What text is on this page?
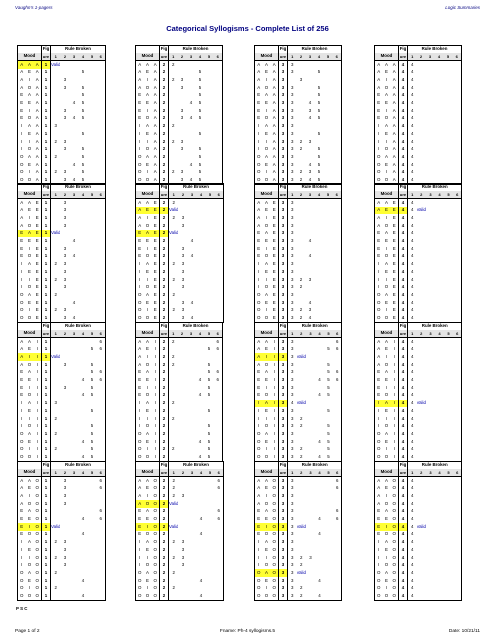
Vaughn's 1-pagers	Logic Summaries
Categorical Syllogisms - Complete List of 256
			Fig	Rule Broken					
Mood			ure	1	2	3	4	5	6
A	A	A	1	Valid					
A	E	A	1				5		
A	I	A	1		3				
A	O	A	1		3		5		
E	A	A	1				5		
E	E	A	1			4	5		
E	I	A	1		3		5		
E	O	A	1		3	4	5		
I	A	A	1	3					
I	E	A	1				5		
I	I	A	1	2	3				
I	O	A	1		3		5		
O	A	A	1	2			5		
O	E	A	1			4	5		
O	I	A	1	2	3		5		
O	O	A	1		3	4	5		
			Fig	Rule Broken					
Mood			ure	1	2	3	4	5	6
A	A	A	2	2					
A	E	A	2				5		
A	I	A	2	2	3		5		
A	O	A	2		3		5		
E	A	A	2				5		
E	E	A	2			4	5		
E	I	A	2		3		5		
E	O	A	2		3	4	5		
I	A	A	2	2					
I	E	A	2				5		
I	I	A	2	2	3				
I	O	A	2		3		5		
O	A	A	2				5		
O	E	A	2			4	5		
O	I	A	2	2	3		5		
O	O	A	2		3	4	5		
			Fig	Rule Broken					
Mood			ure	1	2	3	4	5	6
A	A	A	3	3					
A	E	A	3	3			5		
A	I	A	3		3				
A	O	A	3	3			5		
E	A	A	3	3			5		
E	E	A	3	3		4	5		
E	I	A	3	3		3	5		
E	O	A	3	3		4	5		
I	A	A	3	3					
I	E	A	3	3			5		
I	I	A	3	3	2	3			
I	O	A	3	3	2		5		
O	A	A	3	3			5		
O	E	A	3	3		4	5		
O	I	A	3	3	2	3	5		
O	O	A	3	3	2	4	5		
			Fig	Rule Broken					
Mood			ure	1	2	3	4	5	6
A	A	A	4	4					
A	E	A	4	4					
A	I	A	4	4					
A	O	A	4	4					
E	A	A	4	4					
E	E	A	4	4					
E	I	A	4	4					
E	O	A	4	4					
I	A	A	4	4					
I	E	A	4	4					
I	I	A	4	4					
I	O	A	4	4					
O	A	A	4	4					
O	E	A	4	4					
O	I	A	4	4					
O	O	A	4	4					
			Fig	Rule Broken					
Mood			ure	1	2	3	4	5	6
A	A	E	1		3				
A	E	E	1		3				
A	I	E	1		3				
A	O	E	1		3				
E	A	E	1	Valid					
E	E	E	1			4			
E	I	E	1		3				
E	O	E	1		3	4			
I	A	E	1	2	3				
I	E	E	1		3				
I	I	E	1	2	3				
I	O	E	1		3				
O	A	E	1	2					
O	E	E	1			4			
O	I	E	1	2	3				
O	O	E	1		3	4			
			Fig	Rule Broken					
Mood			ure	1	2	3	4	5	6
A	A	E	2	2					
A	E	E	2	Valid					
A	I	E	2	2	3				
A	O	E	2		3				
E	A	E	2	Valid					
E	E	E	2			4			
E	I	E	2		3				
E	O	E	2		3	4			
I	A	E	2	2	3				
I	E	E	2		3				
I	I	E	2	2	3				
I	O	E	2		3				
O	A	E	2	2					
O	E	E	2		3	4			
O	I	E	2	2	3				
O	O	E	2		3	4			
			Fig	Rule Broken					
Mood			ure	1	2	3	4	5	6
A	A	E	3	3					
A	E	E	3	3					
A	I	E	3	3					
A	O	E	3	3					
E	A	E	3	3					
E	E	E	3	3		4			
E	I	E	3	3					
E	O	E	3	3		4			
I	A	E	3	3					
I	E	E	3	3					
I	I	E	3	3	2	3			
I	O	E	3	3	2				
O	A	E	3	3					
O	E	E	3	3		4			
O	I	E	3	3	2	3			
O	O	E	3	3	2	4			
			Fig	Rule Broken					
Mood			ure	1	2	3	4	5	6
A	A	E	4	4					
A	E	E	4	4	Valid				
A	I	E	4	4					
A	O	E	4	4					
E	A	E	4	4					
E	E	E	4	4					
E	I	E	4	4					
E	O	E	4	4					
I	A	E	4	4					
I	E	E	4	4					
I	I	E	4	4					
I	O	E	4	4					
O	A	E	4	4					
O	E	E	4	4					
O	I	E	4	4					
O	O	E	4	4					
			Fig	Rule Broken					
Mood			ure	1	2	3	4	5	6
A	A	I	1						6
A	E	I	1					5	6
A	I	I	1	Valid					
A	O	I	1		3			5	
E	A	I	1					5	6
E	E	I	1				4	5	6
E	I	I	1		3			5	
E	O	I	1				4	5	
I	A	I	1	3					
I	E	I	1					5	
I	I	I	1	2					
I	O	I	1					5	
O	A	I	1	2				5	
O	E	I	1				4	5	
O	I	I	1	2				5	
O	O	I	1				4	5	
			Fig	Rule Broken					
Mood			ure	1	2	3	4	5	6
A	A	I	2	2					6
A	E	I	2					5	6
A	I	I	2	2					
A	O	I	2	2				5	
E	A	I	2					5	6
E	E	I	2				4	5	6
E	I	I	2					5	
E	O	I	2				4	5	
I	A	I	2	2					
I	E	I	2					5	
I	I	I	2	2					
I	O	I	2					5	
O	A	I	2					5	
O	E	I	2				4	5	
O	I	I	2	2				5	
O	O	I	2				4	5	
			Fig	Rule Broken					
Mood			ure	1	2	3	4	5	6
A	A	I	3	3					6
A	E	I	3	3				5	6
A	I	I	3	3	Valid				
A	O	I	3	3				5	
E	A	I	3	3				5	6
E	E	I	3	3			4	5	6
E	I	I	3	3				5	
E	O	I	3	3			4	5	
I	A	I	3	4	Valid				
I	E	I	3	3				5	
I	I	I	3	3	2				
I	O	I	3	3	2			5	
O	A	I	3	3				5	
O	E	I	3	3			4	5	
O	I	I	3	3	2			5	
O	O	I	3	3	2		4	5	
			Fig	Rule Broken					
Mood			ure	1	2	3	4	5	6
A	A	I	4	4					
A	E	I	4	4					
A	I	I	4	4					
A	O	I	4	4					
E	A	I	4	4					
E	E	I	4	4					
E	I	I	4	4					
E	O	I	4	4					
I	A	I	4	4	Valid				
I	E	I	4	4					
I	I	I	4	4					
I	O	I	4	4					
O	A	I	4	4					
O	E	I	4	4					
O	I	I	4	4					
O	O	I	4	4					
			Fig	Rule Broken					
Mood			ure	1	2	3	4	5	6
A	A	O	1		3				6
A	E	O	1		3				6
A	I	O	1		3				
A	O	O	1		3				
E	A	O	1						6
E	E	O	1				4		6
E	I	O	1	Valid					
E	O	O	1				4		
I	A	O	1	2	3				
I	E	O	1		3				
I	I	O	1	2	3				
I	O	O	1		3				
O	A	O	1	2					
O	E	O	1				4		
O	I	O	1	2					
O	O	O	1				4		
			Fig	Rule Broken					
Mood			ure	1	2	3	4	5	6
A	A	O	2	2					6
A	E	O	2	2					6
A	I	O	2	2	3				
A	O	O	2	Valid					
E	A	O	2						6
E	E	O	2				4		6
E	I	O	2	Valid					
E	O	O	2				4		
I	A	O	2	2	3				
I	E	O	2		3				
I	I	O	2	2	3				
I	O	O	2		3				
O	A	O	2	2					
O	E	O	2				4		
O	I	O	2	2					
O	O	O	2				4		
			Fig	Rule Broken					
Mood			ure	1	2	3	4	5	6
A	A	O	3	3					6
A	E	O	3	3					6
A	I	O	3	3					
A	O	O	3	3					
E	A	O	3	3					6
E	E	O	3	3			4		6
E	I	O	3	3	Valid				
E	O	O	3	3			4		
I	A	O	3	3					
I	E	O	3	3					
I	I	O	3	3	2	3			
I	O	O	3	3	2				
O	A	O	3	3	Valid				
O	E	O	3	3			4		
O	I	O	3	3	2				
O	O	O	3	3	2		4		
			Fig	Rule Broken					
Mood			ure	1	2	3	4	5	6
A	A	O	4	4					
A	E	O	4	4					
A	I	O	4	4					
A	O	O	4	4					
E	A	O	4	4					
E	E	O	4	4					
E	I	O	4	4	Valid				
E	O	O	4	4					
I	A	O	4	4					
I	E	O	4	4					
I	I	O	4	4					
I	O	O	4	4					
O	A	O	4	4					
O	E	O	4	4					
O	I	O	4	4					
O	O	O	4	4					
P S C
Page 1 of 2	Fname: Ph-4 syllogisms.5	Date: 10/21/11
